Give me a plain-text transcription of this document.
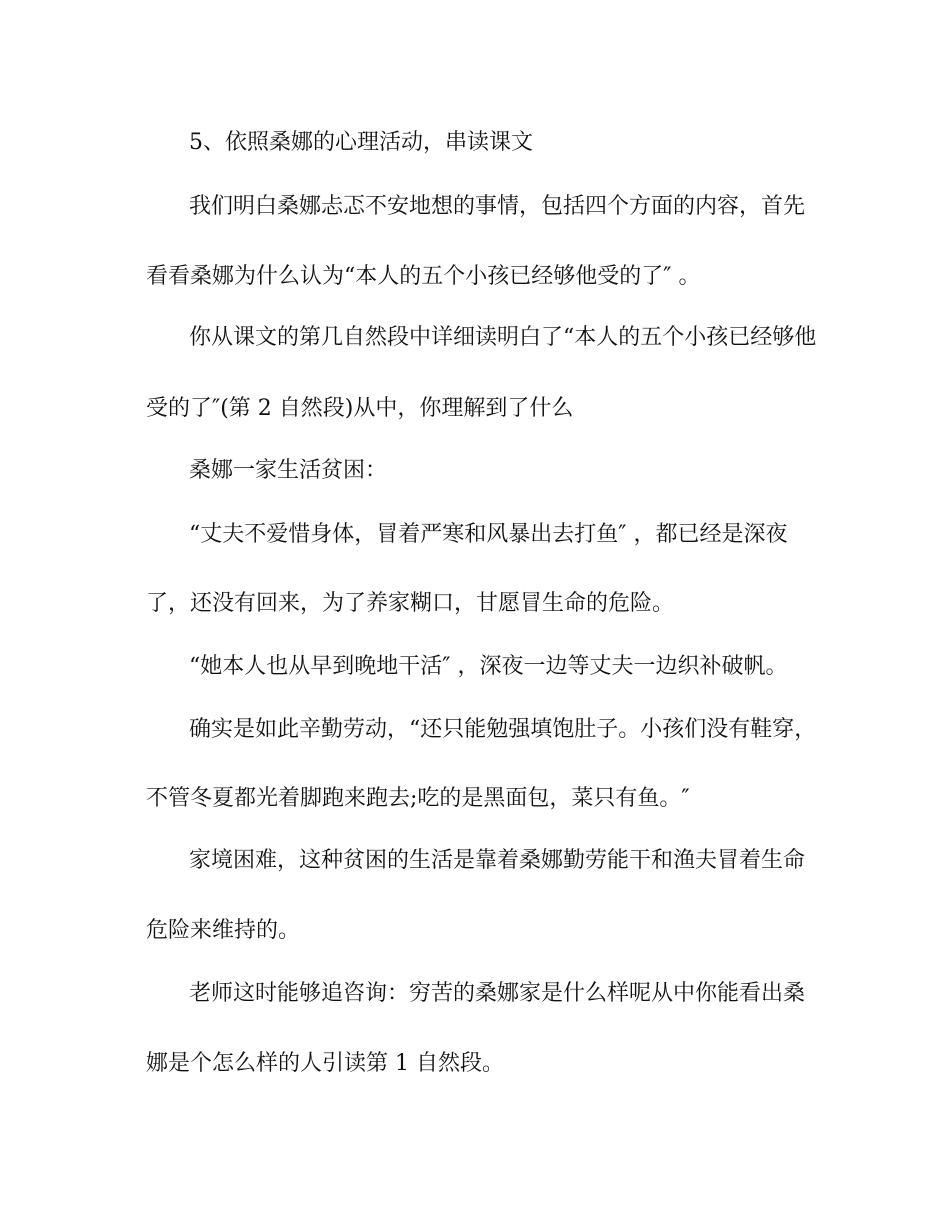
5、依照桑娜的心理活动，串读课文
我们明白桑娜忐忑不安地想的事情，包括四个方面的内容，首先
看看桑娜为什么认为“本人的五个小孩已经够他受的了″ 。
你从课文的第几自然段中详细读明白了“本人的五个小孩已经够他
受的了″(第 2 自然段)从中，你理解到了什么
桑娜一家生活贫困：
“丈夫不爱惜身体，冒着严寒和风暴出去打鱼″ ，都已经是深夜
了，还没有回来，为了养家糊口，甘愿冒生命的危险。
“她本人也从早到晚地干活″ ，深夜一边等丈夫一边织补破帆。
确实是如此辛勤劳动，“还只能勉强填饱肚子。小孩们没有鞋穿，
不管冬夏都光着脚跑来跑去;吃的是黑面包，菜只有鱼。″
家境困难，这种贫困的生活是靠着桑娜勤劳能干和渔夫冒着生命
危险来维持的。
老师这时能够追咨询：穷苦的桑娜家是什么样呢从中你能看出桑
娜是个怎么样的人引读第 1 自然段。
